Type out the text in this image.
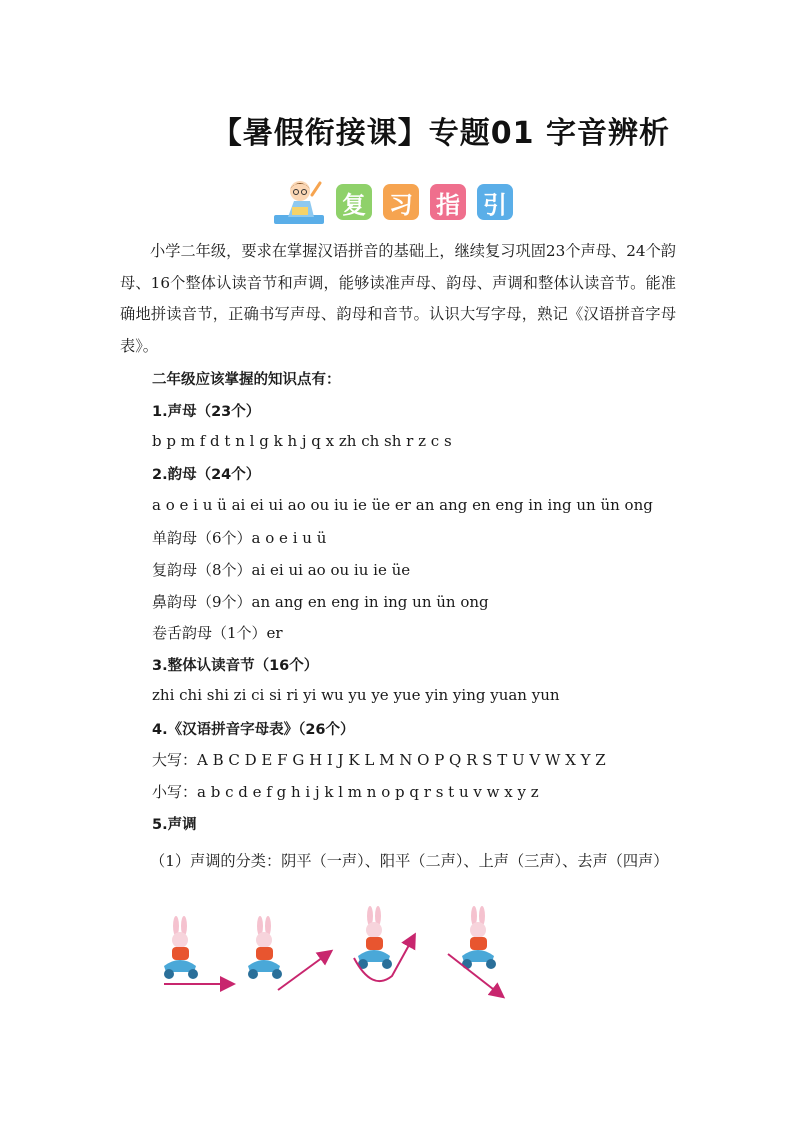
【暑假衔接课】专题01 字音辨析
复 习 指 引

小学二年级，要求在掌握汉语拼音的基础上，继续复习巩固23个声母、24个韵母、16个整体认读音节和声调，能够读准声母、韵母、声调和整体认读音节。能准确地拼读音节，正确书写声母、韵母和音节。认识大写字母，熟记《汉语拼音字母表》。

二年级应该掌握的知识点有：
1.声母（23个）
b p m f d t n l g k h j q x zh ch sh r z c s
2.韵母（24个）
a o e i u ü ai ei ui ao ou iu ie üe er an ang en eng in ing un ün ong
单韵母（6个）a o e i u ü
复韵母（8个）ai ei ui ao ou iu ie üe
鼻韵母（9个）an ang en eng in ing un ün ong
卷舌韵母（1个）er
3.整体认读音节（16个）
zhi chi shi zi ci si ri yi wu yu ye yue yin ying yuan yun
4.《汉语拼音字母表》（26个）
大写：A B C D E F G H I J K L M N O P Q R S T U V W X Y Z
小写：a b c d e f g h i j k l m n o p q r s t u v w x y z
5.声调

（1）声调的分类：阴平（一声）、阳平（二声）、上声（三声）、去声（四声）
